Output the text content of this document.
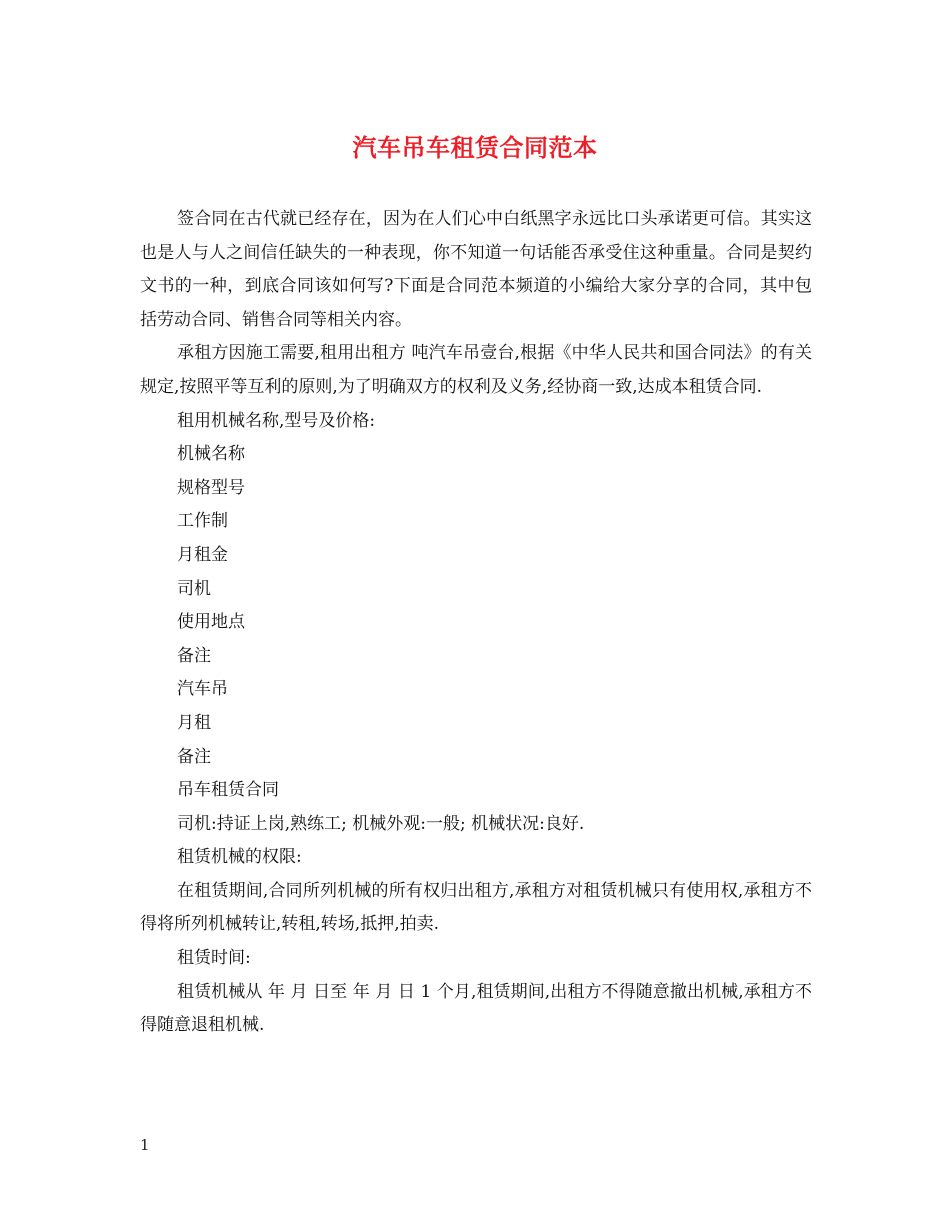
汽车吊车租赁合同范本

签合同在古代就已经存在，因为在人们心中白纸黑字永远比口头承诺更可信。其实这也是人与人之间信任缺失的一种表现，你不知道一句话能否承受住这种重量。合同是契约文书的一种，到底合同该如何写?下面是合同范本频道的小编给大家分享的合同，其中包括劳动合同、销售合同等相关内容。

承租方因施工需要,租用出租方 吨汽车吊壹台,根据《中华人民共和国合同法》的有关规定,按照平等互利的原则,为了明确双方的权利及义务,经协商一致,达成本租赁合同.

租用机械名称,型号及价格:

机械名称

规格型号

工作制

月租金

司机

使用地点

备注

汽车吊

月租

备注

吊车租赁合同

司机:持证上岗,熟练工; 机械外观:一般; 机械状况:良好.

租赁机械的权限:

在租赁期间,合同所列机械的所有权归出租方,承租方对租赁机械只有使用权,承租方不得将所列机械转让,转租,转场,抵押,拍卖.

租赁时间:

租赁机械从 年 月 日至 年 月 日 1 个月,租赁期间,出租方不得随意撤出机械,承租方不得随意退租机械.

1
